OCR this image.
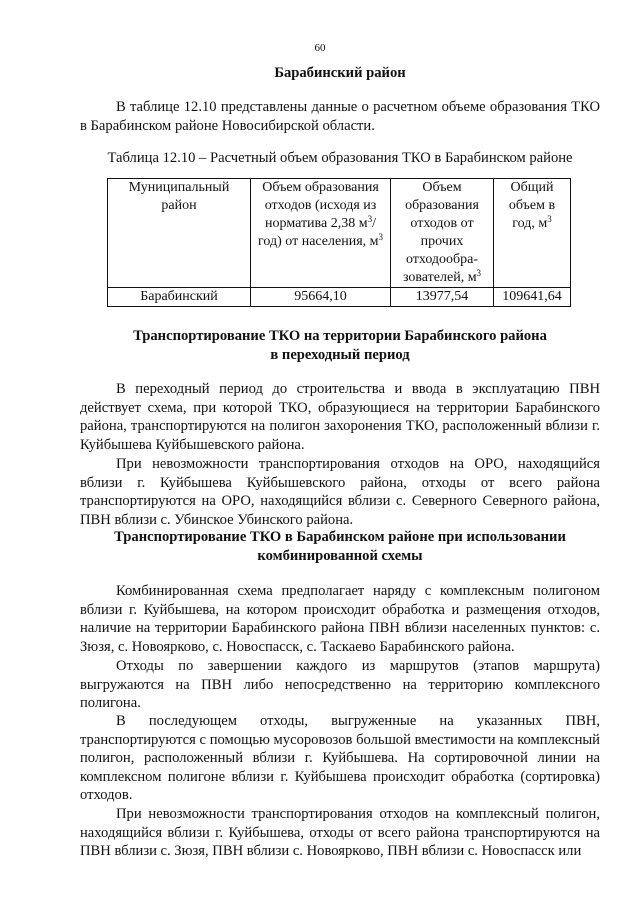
60
Барабинский район
В таблице 12.10 представлены данные о расчетном объеме образования ТКО в Барабинском районе Новосибирской области.
Таблица 12.10 – Расчетный объем образования ТКО в Барабинском районе
Муниципальный район	Объем образования отходов (исходя из норматива 2,38 $м^3/год$) от населения, $м^3$	Объем образования отходов от прочих отходообра-зователей, $м^3$	Общий объем в год, $м^3$
Барабинский	95664,10	13977,54	109641,64
Транспортирование ТКО на территории Барабинского района
в переходный период
В переходный период до строительства и ввода в эксплуатацию ПВН действует схема, при которой ТКО, образующиеся на территории Барабинского района, транспортируются на полигон захоронения ТКО, расположенный вблизи г. Куйбышева Куйбышевского района.
При невозможности транспортирования отходов на ОРО, находящийся вблизи г. Куйбышева Куйбышевского района, отходы от всего района транспортируются на ОРО, находящийся вблизи с. Северного Северного района, ПВН вблизи с. Убинское Убинского района.
Транспортирование ТКО в Барабинском районе при использовании
комбинированной схемы
Комбинированная схема предполагает наряду с комплексным полигоном вблизи г. Куйбышева, на котором происходит обработка и размещения отходов, наличие на территории Барабинского района ПВН вблизи населенных пунктов: с. Зюзя, с. Новоярково, с. Новоспасск, с. Таскаево Барабинского района.
Отходы по завершении каждого из маршрутов (этапов маршрута) выгружаются на ПВН либо непосредственно на территорию комплексного полигона.
В последующем отходы, выгруженные на указанных ПВН, транспортируются с помощью мусоровозов большой вместимости на комплексный полигон, расположенный вблизи г. Куйбышева. На сортировочной линии на комплексном полигоне вблизи г. Куйбышева происходит обработка (сортировка) отходов.
При невозможности транспортирования отходов на комплексный полигон, находящийся вблизи г. Куйбышева, отходы от всего района транспортируются на ПВН вблизи с. Зюзя, ПВН вблизи с. Новоярково, ПВН вблизи с. Новоспасск или
